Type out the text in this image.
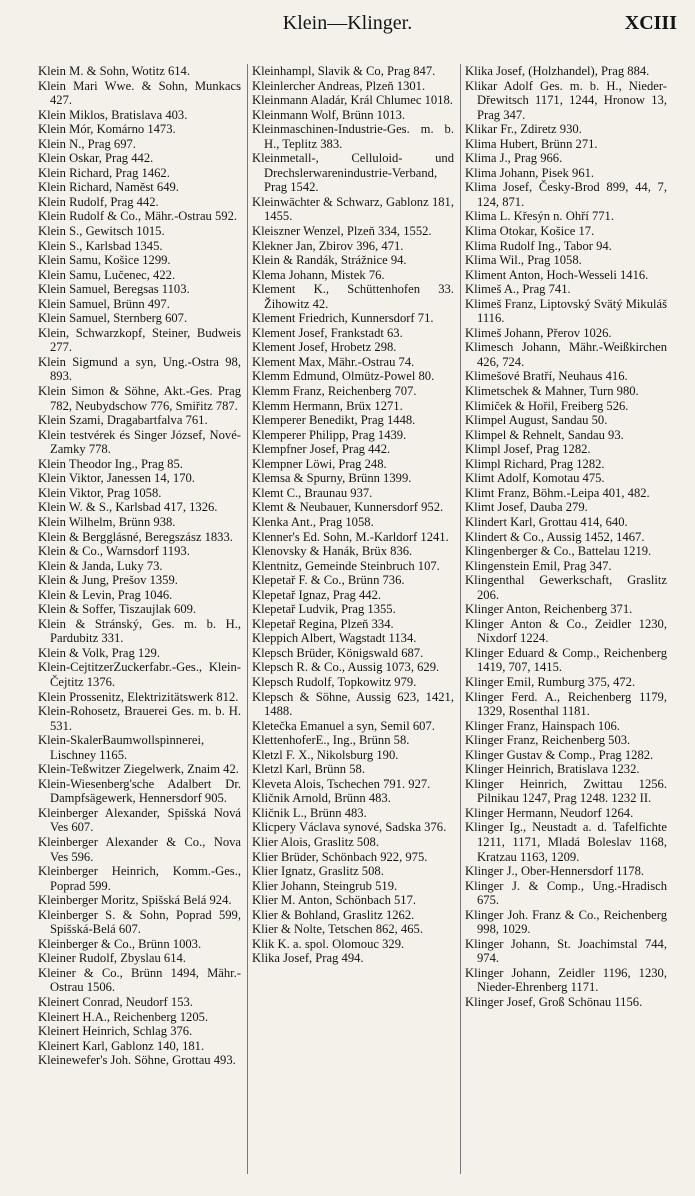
Klein—Klinger.	XCIII
Klein M. & Sohn, Wotitz 614.
Klein Mari Wwe. & Sohn, Munkacs 427.
Klein Miklos, Bratislava 403.
Klein Mór, Komárno 1473.
Klein N., Prag 697.
Klein Oskar, Prag 442.
Klein Richard, Prag 1462.
Klein Richard, Naměst 649.
Klein Rudolf, Prag 442.
Klein Rudolf & Co., Mähr.-Ostrau 592.
Klein S., Gewitsch 1015.
Klein S., Karlsbad 1345.
Klein Samu, Košice 1299.
Klein Samu, Lučenec, 422.
Klein Samuel, Beregsas 1103.
Klein Samuel, Brünn 497.
Klein Samuel, Sternberg 607.
Klein, Schwarzkopf, Steiner, Budweis 277.
Klein Sigmund a syn, Ung.-Ostra 98, 893.
Klein Simon & Söhne, Akt.-Ges. Prag 782, Neubydschow 776, Smiřitz 787.
Klein Szami, Dragabartfalva 761.
Klein testvérek és Singer József, Nové-Zamky 778.
Klein Theodor Ing., Prag 85.
Klein Viktor, Janessen 14, 170.
Klein Viktor, Prag 1058.
Klein W. & S., Karlsbad 417, 1326.
Klein Wilhelm, Brünn 938.
Klein & Bergglásné, Beregszász 1833.
Klein & Co., Warnsdorf 1193.
Klein & Janda, Luky 73.
Klein & Jung, Prešov 1359.
Klein & Levin, Prag 1046.
Klein & Soffer, Tiszaujlak 609.
Klein & Stránský, Ges. m. b. H., Pardubitz 331.
Klein & Volk, Prag 129.
Klein-CejtitzerZuckerfabr.-Ges., Klein-Čejtitz 1376.
Klein Prossenitz, Elektrizitätswerk 812.
Klein-Rohosetz, Brauerei Ges. m. b. H. 531.
Klein-SkalerBaumwollspinnerei, Lischney 1165.
Klein-Teßwitzer Ziegelwerk, Znaim 42.
Klein-Wiesenberg'sche Adalbert Dr. Dampfsägewerk, Hennersdorf 905.
Kleinberger Alexander, Spišská Nová Ves 607.
Kleinberger Alexander & Co., Nova Ves 596.
Kleinberger Heinrich, Komm.-Ges., Poprad 599.
Kleinberger Moritz, Spišská Belá 924.
Kleinberger S. & Sohn, Poprad 599, Spišská-Belá 607.
Kleinberger & Co., Brünn 1003.
Kleiner Rudolf, Zbyslau 614.
Kleiner & Co., Brünn 1494, Mähr.-Ostrau 1506.
Kleinert Conrad, Neudorf 153.
Kleinert H.A., Reichenberg 1205.
Kleinert Heinrich, Schlag 376.
Kleinert Karl, Gablonz 140, 181.
Kleinewefer's Joh. Söhne, Grottau 493.
Kleinhampl, Slavik & Co, Prag 847.
Kleinlercher Andreas, Plzeň 1301.
Kleinmann Aladár, Král Chlumec 1018.
Kleinmann Wolf, Brünn 1013.
Kleinmaschinen-Industrie-Ges. m. b. H., Teplitz 383.
Kleinmetall-, Celluloid- und Drechslerwarenindustrie-Verband, Prag 1542.
Kleinwächter & Schwarz, Gablonz 181, 1455.
Kleiszner Wenzel, Plzeň 334, 1552.
Klekner Jan, Zbirov 396, 471.
Klein & Randák, Strážnice 94.
Klema Johann, Mistek 76.
Klement K., Schüttenhofen 33. Žihowitz 42.
Klement Friedrich, Kunnersdorf 71.
Klement Josef, Frankstadt 63.
Klement Josef, Hrobetz 298.
Klement Max, Mähr.-Ostrau 74.
Klemm Edmund, Olmütz-Powel 80.
Klemm Franz, Reichenberg 707.
Klemm Hermann, Brüx 1271.
Klemperer Benedikt, Prag 1448.
Klemperer Philipp, Prag 1439.
Klempfner Josef, Prag 442.
Klempner Löwi, Prag 248.
Klemsa & Spurny, Brünn 1399.
Klemt C., Braunau 937.
Klemt & Neubauer, Kunnersdorf 952.
Klenka Ant., Prag 1058.
Klenner's Ed. Sohn, M.-Karldorf 1241.
Klenovsky & Hanák, Brüx 836.
Klentnitz, Gemeinde Steinbruch 107.
Klepetař F. & Co., Brünn 736.
Klepetař Ignaz, Prag 442.
Klepetař Ludvik, Prag 1355.
Klepetař Regina, Plzeň 334.
Kleppich Albert, Wagstadt 1134.
Klepsch Brüder, Königswald 687.
Klepsch R. & Co., Aussig 1073, 629.
Klepsch Rudolf, Topkowitz 979.
Klepsch & Söhne, Aussig 623, 1421, 1488.
Kletečka Emanuel a syn, Semil 607.
KlettenhoferE., Ing., Brünn 58.
Kletzl F. X., Nikolsburg 190.
Kletzl Karl, Brünn 58.
Kleveta Alois, Tschechen 791. 927.
Kličnik Arnold, Brünn 483.
Kličnik L., Brünn 483.
Klicpery Václava synové, Sadska 376.
Klier Alois, Graslitz 508.
Klier Brüder, Schönbach 922, 975.
Klier Ignatz, Graslitz 508.
Klier Johann, Steingrub 519.
Klier M. Anton, Schönbach 517.
Klier & Bohland, Graslitz 1262.
Klier & Nolte, Tetschen 862, 465.
Klik K. a. spol. Olomouc 329.
Klika Josef, Prag 494.
Klika Josef, (Holzhandel), Prag 884.
Klikar Adolf Ges. m. b. H., Nieder-Dřewitsch 1171, 1244, Hronow 13, Prag 347.
Klikar Fr., Zdiretz 930.
Klima Hubert, Brünn 271.
Klima J., Prag 966.
Klima Johann, Pisek 961.
Klima Josef, Česky-Brod 899, 44, 7, 124, 871.
Klima L. Křesýn n. Ohří 771.
Klima Otokar, Košice 17.
Klima Rudolf Ing., Tabor 94.
Klima Wil., Prag 1058.
Kliment Anton, Hoch-Wesseli 1416.
Klimeš A., Prag 741.
Klimeš Franz, Liptovský Svätý Mikuláš 1116.
Klimeš Johann, Přerov 1026.
Klimesch Johann, Mähr.-Weißkirchen 426, 724.
Klimešové Bratří, Neuhaus 416.
Klimetschek & Mahner, Turn 980.
Klimiček & Hořil, Freiberg 526.
Klimpel August, Sandau 50.
Klimpel & Rehnelt, Sandau 93.
Klimpl Josef, Prag 1282.
Klimpl Richard, Prag 1282.
Klimt Adolf, Komotau 475.
Klimt Franz, Böhm.-Leipa 401, 482.
Klimt Josef, Dauba 279.
Klindert Karl, Grottau 414, 640.
Klindert & Co., Aussig 1452, 1467.
Klingenberger & Co., Battelau 1219.
Klingenstein Emil, Prag 347.
Klingenthal Gewerkschaft, Graslitz 206.
Klinger Anton, Reichenberg 371.
Klinger Anton & Co., Zeidler 1230, Nixdorf 1224.
Klinger Eduard & Comp., Reichenberg 1419, 707, 1415.
Klinger Emil, Rumburg 375, 472.
Klinger Ferd. A., Reichenberg 1179, 1329, Rosenthal 1181.
Klinger Franz, Hainspach 106.
Klinger Franz, Reichenberg 503.
Klinger Gustav & Comp., Prag 1282.
Klinger Heinrich, Bratislava 1232.
Klinger Heinrich, Zwittau 1256. Pilnikau 1247, Prag 1248. 1232 II.
Klinger Hermann, Neudorf 1264.
Klinger Ig., Neustadt a. d. Tafelfichte 1211, 1171, Mladá Boleslav 1168, Kratzau 1163, 1209.
Klinger J., Ober-Hennersdorf 1178.
Klinger J. & Comp., Ung.-Hradisch 675.
Klinger Joh. Franz & Co., Reichenberg 998, 1029.
Klinger Johann, St. Joachimstal 744, 974.
Klinger Johann, Zeidler 1196, 1230, Nieder-Ehrenberg 1171.
Klinger Josef, Groß Schönau 1156.
